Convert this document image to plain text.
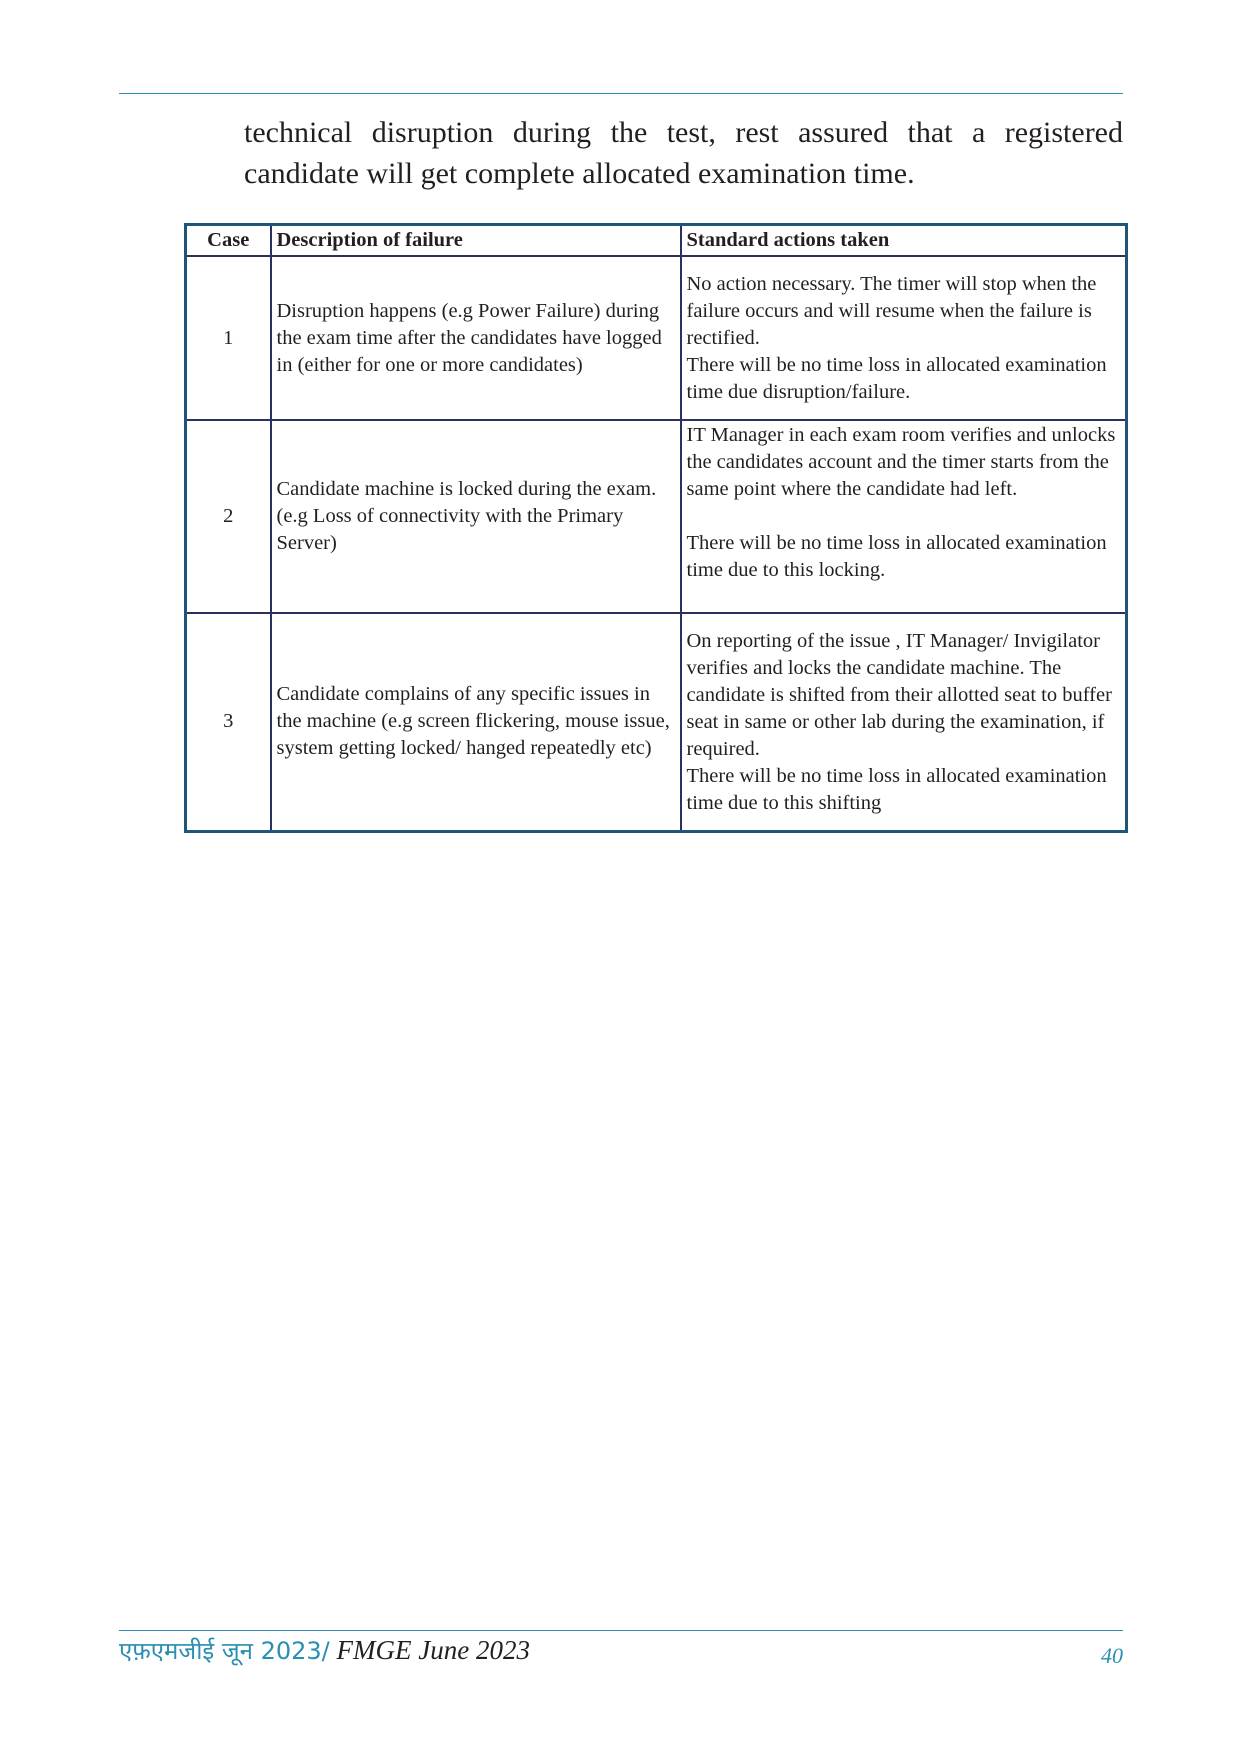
technical disruption during the test, rest assured that a registered
candidate will get complete allocated examination time.
Case	Description of failure	Standard actions taken
1	Disruption happens (e.g Power Failure) during the exam time after the candidates have logged in (either for one or more candidates)	No action necessary. The timer will stop when the failure occurs and will resume when the failure is rectified.
There will be no time loss in allocated examination time due disruption/failure.

2	Candidate machine is locked during the exam. (e.g Loss of connectivity with the Primary Server)	IT Manager in each exam room verifies and unlocks the candidates account and the timer starts from the same point where the candidate had left.
There will be no time loss in allocated examination time due to this locking.

3	Candidate complains of any specific issues in the machine (e.g screen flickering, mouse issue, system getting locked/ hanged repeatedly etc)	On reporting of the issue , IT Manager/ Invigilator verifies and locks the candidate machine. The candidate is shifted from their allotted seat to buffer seat in same or other lab during the examination, if required.
There will be no time loss in allocated examination time due to this shifting
एफ़एमजीई जून 2023/ FMGE June 2023	40
